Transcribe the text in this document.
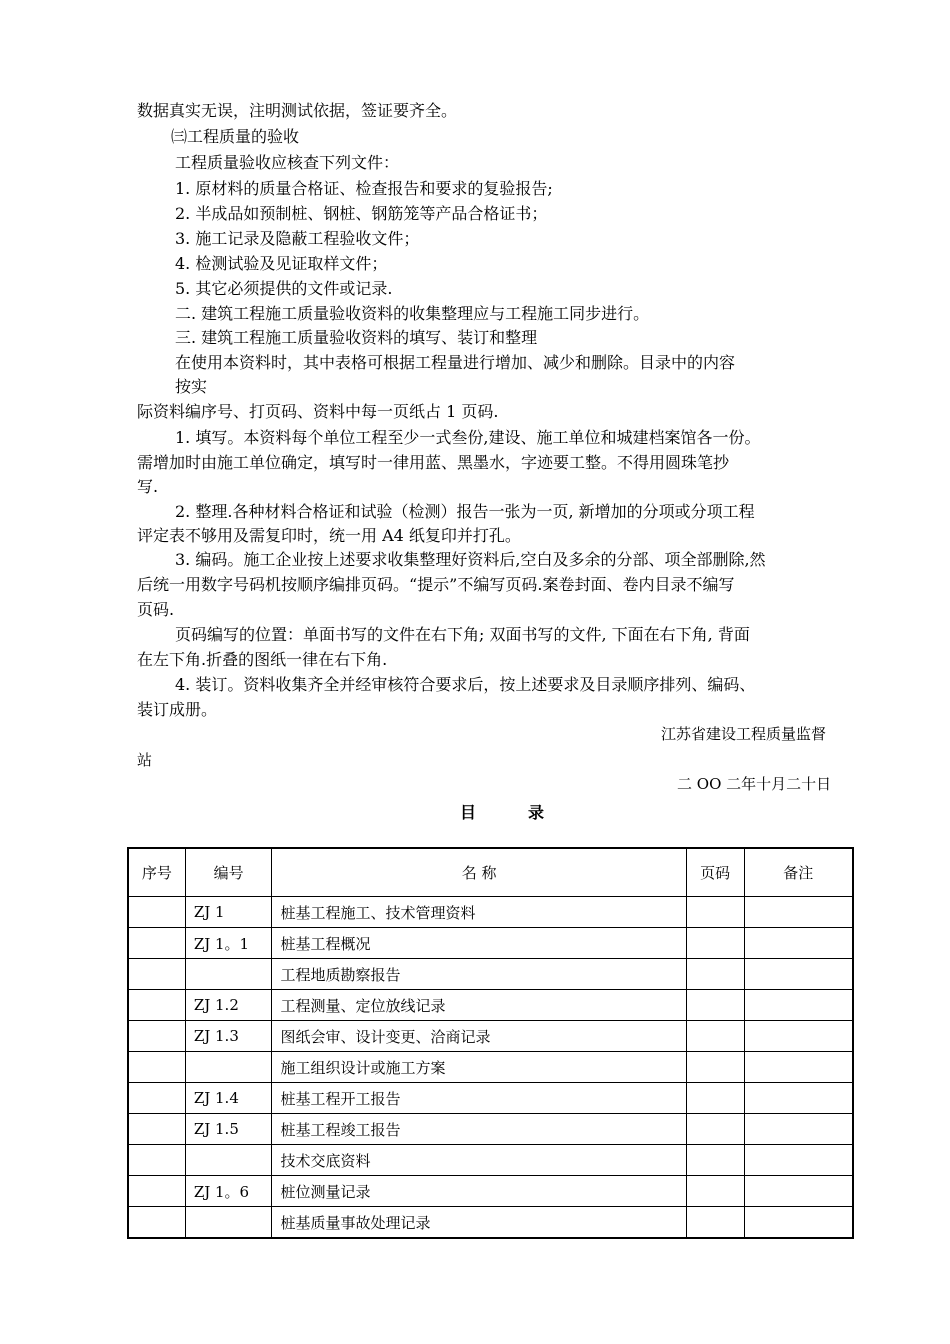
数据真实无误，注明测试依据，签证要齐全。
㈢工程质量的验收
工程质量验收应核查下列文件：
1. 原材料的质量合格证、检查报告和要求的复验报告;
2. 半成品如预制桩、钢桩、钢筋笼等产品合格证书；
3. 施工记录及隐蔽工程验收文件；
4. 检测试验及见证取样文件；
5. 其它必须提供的文件或记录.
二. 建筑工程施工质量验收资料的收集整理应与工程施工同步进行。
三. 建筑工程施工质量验收资料的填写、装订和整理
在使用本资料时，其中表格可根据工程量进行增加、减少和删除。目录中的内容
按实
际资料编序号、打页码、资料中每一页纸占 1 页码.
1. 填写。本资料每个单位工程至少一式叁份,建设、施工单位和城建档案馆各一份。
需增加时由施工单位确定，填写时一律用蓝、黑墨水，字迹要工整。不得用圆珠笔抄
写.
2. 整理.各种材料合格证和试验（检测）报告一张为一页, 新增加的分项或分项工程
评定表不够用及需复印时，统一用 A4 纸复印并打孔。
3. 编码。施工企业按上述要求收集整理好资料后,空白及多余的分部、项全部删除,然
后统一用数字号码机按顺序编排页码。“提示”不编写页码.案卷封面、卷内目录不编写
页码.
页码编写的位置：单面书写的文件在右下角; 双面书写的文件, 下面在右下角, 背面
在左下角.折叠的图纸一律在右下角.
4. 装订。资料收集齐全并经审核符合要求后，按上述要求及目录顺序排列、编码、
装订成册。
江苏省建设工程质量监督
站
二 OO 二年十月二十日
目	录
序号	编号	名 称	页码	备注
	ZJ 1	桩基工程施工、技术管理资料		
	ZJ 1。1	桩基工程概况		
		工程地质勘察报告		
	ZJ 1.2	工程测量、定位放线记录		
	ZJ 1.3	图纸会审、设计变更、洽商记录		
		施工组织设计或施工方案		
	ZJ 1.4	桩基工程开工报告		
	ZJ 1.5	桩基工程竣工报告		
		技术交底资料		
	ZJ 1。6	桩位测量记录		
		桩基质量事故处理记录		
